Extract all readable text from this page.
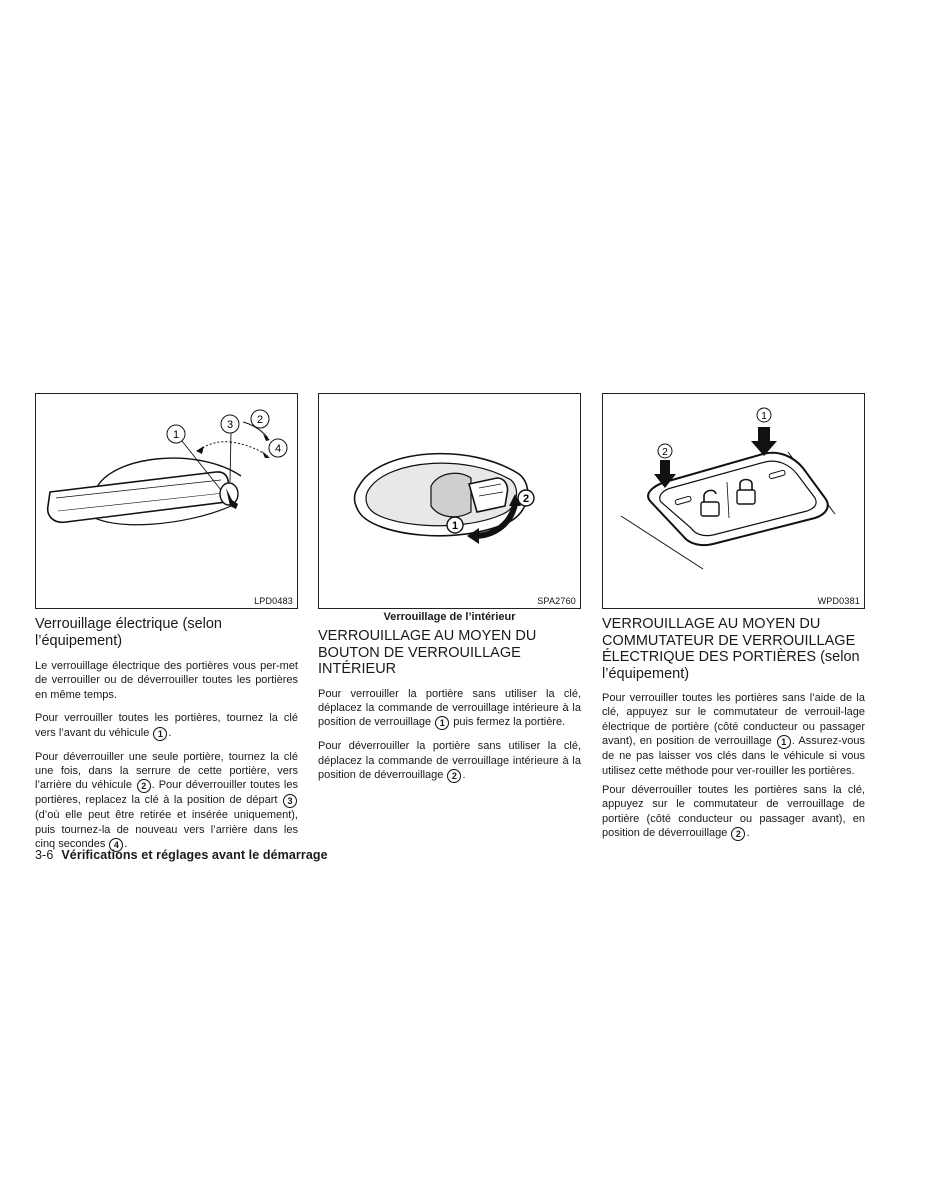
1
2
3
4
LPD0483
Verrouillage électrique (selon l’équipement)

Le verrouillage électrique des portières vous per-met de verrouiller ou de déverrouiller toutes les portières en même temps.

Pour verrouiller toutes les portières, tournez la clé vers l’avant du véhicule 1 .

Pour déverrouiller une seule portière, tournez la clé une fois, dans la serrure de cette portière, vers l’arrière du véhicule 2 . Pour déverrouiller toutes les portières, replacez la clé à la position de départ 3 (d’où elle peut être retirée et insérée uniquement), puis tournez-la de nouveau vers l’arrière dans les cinq secondes 4 .

1
2
SPA2760
Verrouillage de l’intérieur
VERROUILLAGE AU MOYEN DU BOUTON DE VERROUILLAGE INTÉRIEUR

Pour verrouiller la portière sans utiliser la clé, déplacez la commande de verrouillage intérieure à la position de verrouillage 1 puis fermez la portière.

Pour déverrouiller la portière sans utiliser la clé, déplacez la commande de verrouillage intérieure à la position de déverrouillage 2 .

2
1
WPD0381
VERROUILLAGE AU MOYEN DU COMMUTATEUR DE VERROUILLAGE ÉLECTRIQUE DES PORTIÈRES (selon l’équipement)

Pour verrouiller toutes les portières sans l’aide de la clé, appuyez sur le commutateur de verrouil-lage électrique de portière (côté conducteur ou passager avant), en position de verrouillage 1 . Assurez-vous de ne pas laisser vos clés dans le véhicule si vous utilisez cette méthode pour ver-rouiller les portières.

Pour déverrouiller toutes les portières sans la clé, appuyez sur le commutateur de verrouillage de portière (côté conducteur ou passager avant), en position de déverrouillage 2 .

3-6 Vérifications et réglages avant le démarrage
